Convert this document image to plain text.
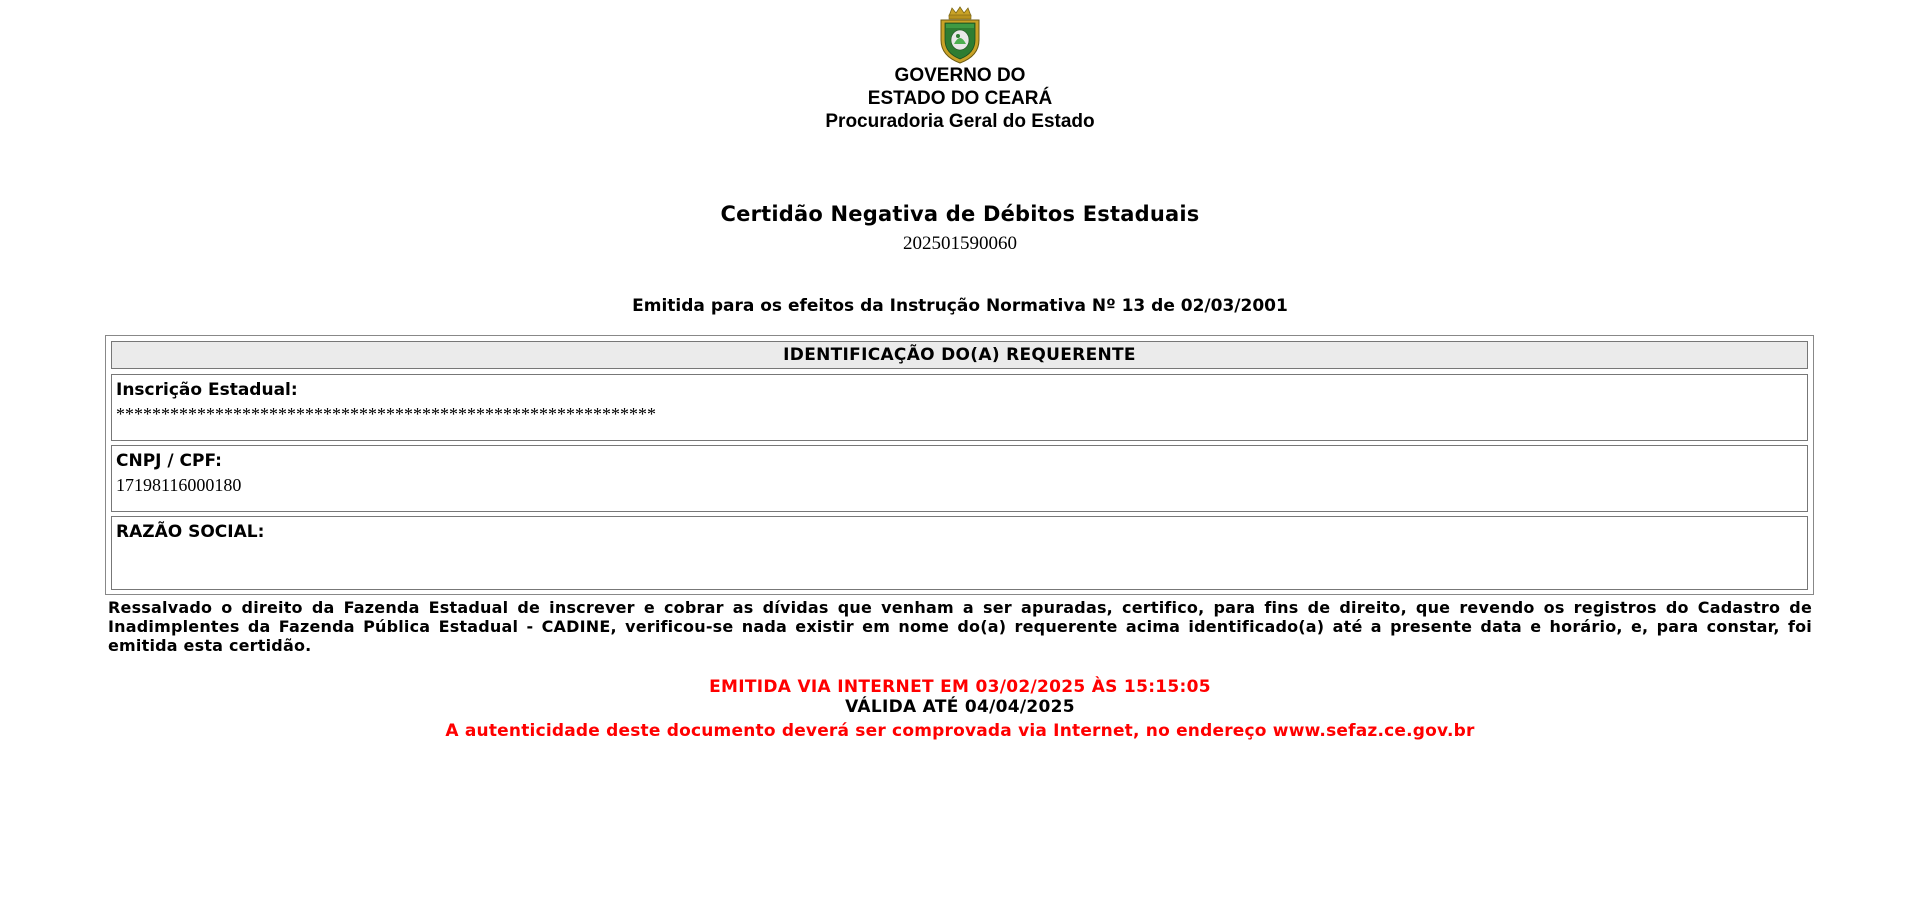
GOVERNO DO
ESTADO DO CEARÁ
Procuradoria Geral do Estado
Certidão Negativa de Débitos Estaduais
202501590060
Emitida para os efeitos da Instrução Normativa Nº 13 de 02/03/2001
IDENTIFICAÇÃO DO(A) REQUERENTE
Inscrição Estadual:
************************************************************
CNPJ / CPF:
17198116000180
RAZÃO SOCIAL:
Ressalvado o direito da Fazenda Estadual de inscrever e cobrar as dívidas que venham a ser apuradas, certifico, para fins de direito, que revendo os registros do Cadastro de Inadimplentes da Fazenda Pública Estadual - CADINE, verificou-se nada existir em nome do(a) requerente acima identificado(a) até a presente data e horário, e, para constar, foi emitida esta certidão.
EMITIDA VIA INTERNET EM 03/02/2025 ÀS 15:15:05
VÁLIDA ATÉ 04/04/2025
A autenticidade deste documento deverá ser comprovada via Internet, no endereço www.sefaz.ce.gov.br
